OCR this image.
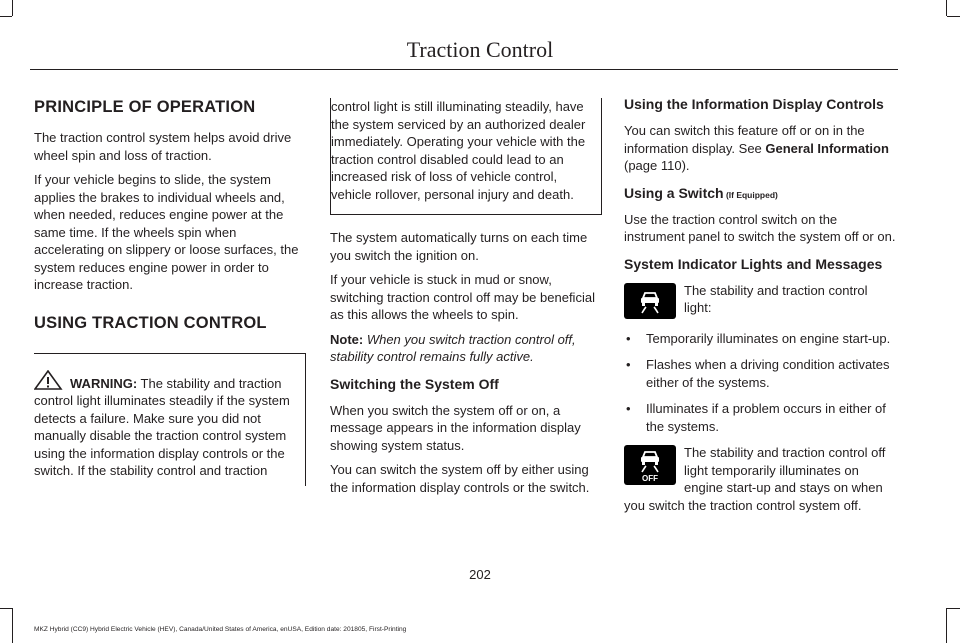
Traction Control
PRINCIPLE OF OPERATION

The traction control system helps avoid drive wheel spin and loss of traction.

If your vehicle begins to slide, the system applies the brakes to individual wheels and, when needed, reduces engine power at the same time. If the wheels spin when accelerating on slippery or loose surfaces, the system reduces engine power in order to increase traction.

USING TRACTION CONTROL

WARNING: The stability and traction control light illuminates steadily if the system detects a failure. Make sure you did not manually disable the traction control system using the information display controls or the switch. If the stability control and traction

control light is still illuminating steadily, have the system serviced by an authorized dealer immediately. Operating your vehicle with the traction control disabled could lead to an increased risk of loss of vehicle control, vehicle rollover, personal injury and death.

The system automatically turns on each time you switch the ignition on.

If your vehicle is stuck in mud or snow, switching traction control off may be beneficial as this allows the wheels to spin.

Note: When you switch traction control off, stability control remains fully active.

Switching the System Off

When you switch the system off or on, a message appears in the information display showing system status.

You can switch the system off by either using the information display controls or the switch.

Using the Information Display Controls

You can switch this feature off or on in the information display. See General Information (page 110).

Using a Switch (If Equipped)

Use the traction control switch on the instrument panel to switch the system off or on.

System Indicator Lights and Messages

The stability and traction control light:

• Temporarily illuminates on engine start-up.
• Flashes when a driving condition activates either of the systems.
• Illuminates if a problem occurs in either of the systems.
OFF

The stability and traction control off light temporarily illuminates on engine start-up and stays on when you switch the traction control system off.

202
MKZ Hybrid (CC9) Hybrid Electric Vehicle (HEV), Canada/United States of America, enUSA, Edition date: 201805, First-Printing
